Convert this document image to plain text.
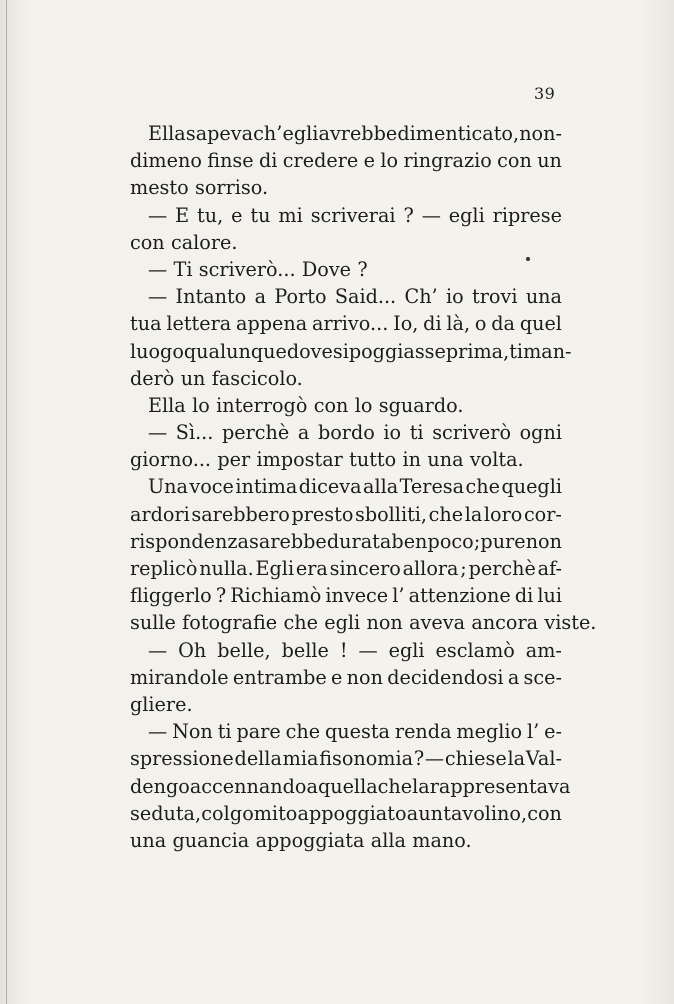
39
Ella sapeva ch’ egli avrebbe dimenticato, non-
dimeno finse di credere e lo ringrazio con un
mesto sorriso.
— E tu, e tu mi scriverai ? — egli riprese
con calore.
— Ti scriverò... Dove ?
— Intanto a Porto Said... Ch’ io trovi una
tua lettera appena arrivo... Io, di là, o da quel
luogo qualunque dove si poggiasse prima, ti man-
derò un fascicolo.
Ella lo interrogò con lo sguardo.
— Sì... perchè a bordo io ti scriverò ogni
giorno... per impostar tutto in una volta.
Una voce intima diceva alla Teresa che quegli
ardori sarebbero presto sbolliti, che la loro cor-
rispondenza sarebbe durata ben poco ; pure non
replicò nulla. Egli era sincero allora ; perchè af-
fliggerlo ? Richiamò invece l’ attenzione di lui
sulle fotografie che egli non aveva ancora viste.
— Oh belle, belle ! — egli esclamò am-
mirandole entrambe e non decidendosi a sce-
gliere.
— Non ti pare che questa renda meglio l’ e-
spressione della mia fisonomia ? — chiese la Val-
dengo accennando a quella che la rappresentava
seduta, col gomito appoggiato a un tavolino, con
una guancia appoggiata alla mano.
